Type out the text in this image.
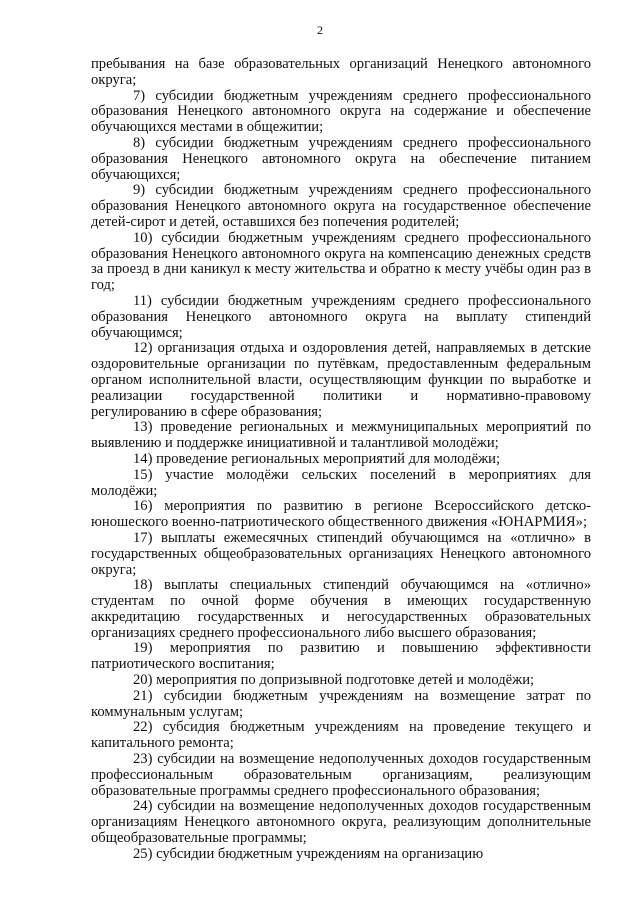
2

пребывания на базе образовательных организаций Ненецкого автономного округа;

7) субсидии бюджетным учреждениям среднего профессионального образования Ненецкого автономного округа на содержание и обеспечение обучающихся местами в общежитии;

8) субсидии бюджетным учреждениям среднего профессионального образования Ненецкого автономного округа на обеспечение питанием обучающихся;

9) субсидии бюджетным учреждениям среднего профессионального образования Ненецкого автономного округа на государственное обеспечение детей-сирот и детей, оставшихся без попечения родителей;

10) субсидии бюджетным учреждениям среднего профессионального образования Ненецкого автономного округа на компенсацию денежных средств за проезд в дни каникул к месту жительства и обратно к месту учёбы один раз в год;

11) субсидии бюджетным учреждениям среднего профессионального образования Ненецкого автономного округа на выплату стипендий обучающимся;

12) организация отдыха и оздоровления детей, направляемых в детские оздоровительные организации по путёвкам, предоставленным федеральным органом исполнительной власти, осуществляющим функции по выработке и реализации государственной политики и нормативно-правовому регулированию в сфере образования;

13) проведение региональных и межмуниципальных мероприятий по выявлению и поддержке инициативной и талантливой молодёжи;

14) проведение региональных мероприятий для молодёжи;

15) участие молодёжи сельских поселений в мероприятиях для молодёжи;

16) мероприятия по развитию в регионе Всероссийского детско-юношеского военно-патриотического общественного движения «ЮНАРМИЯ»;

17) выплаты ежемесячных стипендий обучающимся на «отлично» в государственных общеобразовательных организациях Ненецкого автономного округа;

18) выплаты специальных стипендий обучающимся на «отлично» студентам по очной форме обучения в имеющих государственную аккредитацию государственных и негосударственных образовательных организациях среднего профессионального либо высшего образования;

19) мероприятия по развитию и повышению эффективности патриотического воспитания;

20) мероприятия по допризывной подготовке детей и молодёжи;

21) субсидии бюджетным учреждениям на возмещение затрат по коммунальным услугам;

22) субсидия бюджетным учреждениям на проведение текущего и капитального ремонта;

23) субсидии на возмещение недополученных доходов государственным профессиональным образовательным организациям, реализующим образовательные программы среднего профессионального образования;

24) субсидии на возмещение недополученных доходов государственным организациям Ненецкого автономного округа, реализующим дополнительные общеобразовательные программы;

25) субсидии бюджетным учреждениям на организацию
